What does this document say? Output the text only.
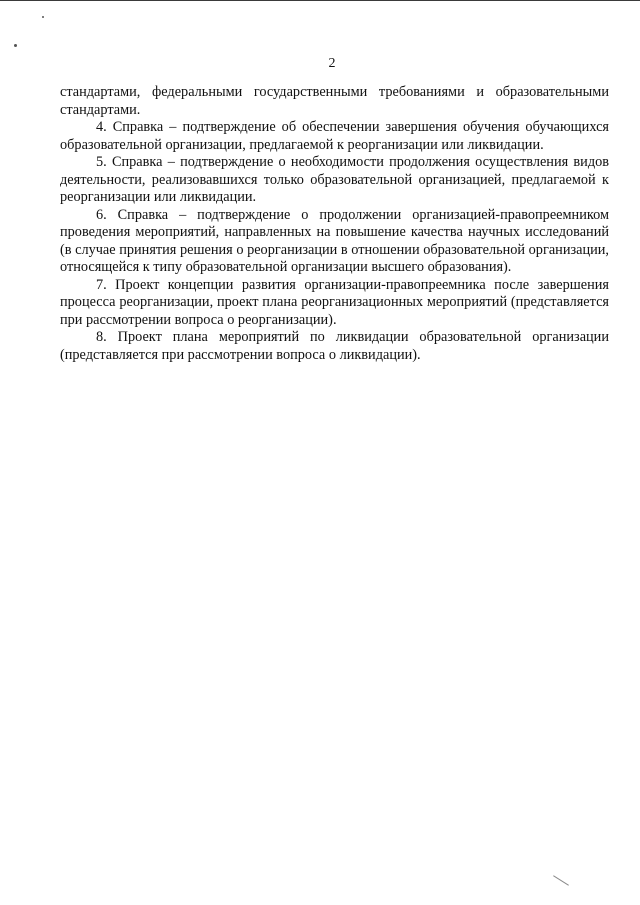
2

стандартами, федеральными государственными требованиями и образовательными стандартами.

4. Справка – подтверждение об обеспечении завершения обучения обучающихся образовательной организации, предлагаемой к реорганизации или ликвидации.

5. Справка – подтверждение о необходимости продолжения осуществления видов деятельности, реализовавшихся только образовательной организацией, предлагаемой к реорганизации или ликвидации.

6. Справка – подтверждение о продолжении организацией-правопреемником проведения мероприятий, направленных на повышение качества научных исследований (в случае принятия решения о реорганизации в отношении образовательной организации, относящейся к типу образовательной организации высшего образования).

7. Проект концепции развития организации-правопреемника после завершения процесса реорганизации, проект плана реорганизационных мероприятий (представляется при рассмотрении вопроса о реорганизации).

8. Проект плана мероприятий по ликвидации образовательной организации (представляется при рассмотрении вопроса о ликвидации).
